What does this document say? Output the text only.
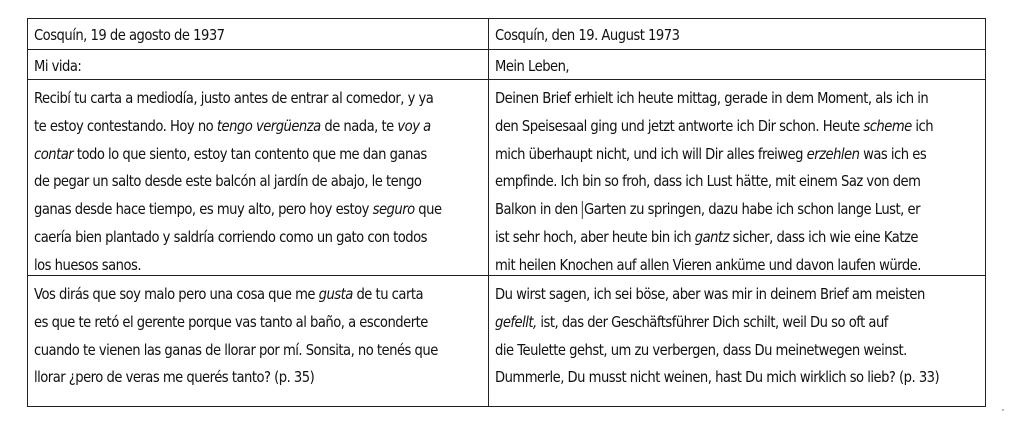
Cosquín, 19 de agosto de 1937
Mi vida:
Recibí tu carta a mediodía, justo antes de entrar al comedor, y ya
te estoy contestando. Hoy no tengo vergüenza de nada, te voy a
contar todo lo que siento, estoy tan contento que me dan ganas
de pegar un salto desde este balcón al jardín de abajo, le tengo
ganas desde hace tiempo, es muy alto, pero hoy estoy seguro que
caería bien plantado y saldría corriendo como un gato con todos
los huesos sanos.
Vos dirás que soy malo pero una cosa que me gusta de tu carta
es que te retó el gerente porque vas tanto al baño, a esconderte
cuando te vienen las ganas de llorar por mí. Sonsita, no tenés que
llorar ¿pero de veras me querés tanto? (p. 35)
Cosquín, den 19. August 1973
Mein Leben,
Deinen Brief erhielt ich heute mittag, gerade in dem Moment, als ich in
den Speisesaal ging und jetzt antworte ich Dir schon. Heute scheme ich
mich überhaupt nicht, und ich will Dir alles freiweg erzehlen was ich es
empfinde. Ich bin so froh, dass ich Lust hätte, mit einem Saz von dem
Balkon in den Garten zu springen, dazu habe ich schon lange Lust, er
ist sehr hoch, aber heute bin ich gantz sicher, dass ich wie eine Katze
mit heilen Knochen auf allen Vieren anküme und davon laufen würde.
Du wirst sagen, ich sei böse, aber was mir in deinem Brief am meisten
gefellt, ist, das der Geschäftsführer Dich schilt, weil Du so oft auf
die Teulette gehst, um zu verbergen, dass Du meinetwegen weinst.
Dummerle, Du musst nicht weinen, hast Du mich wirklich so lieb? (p. 33)
